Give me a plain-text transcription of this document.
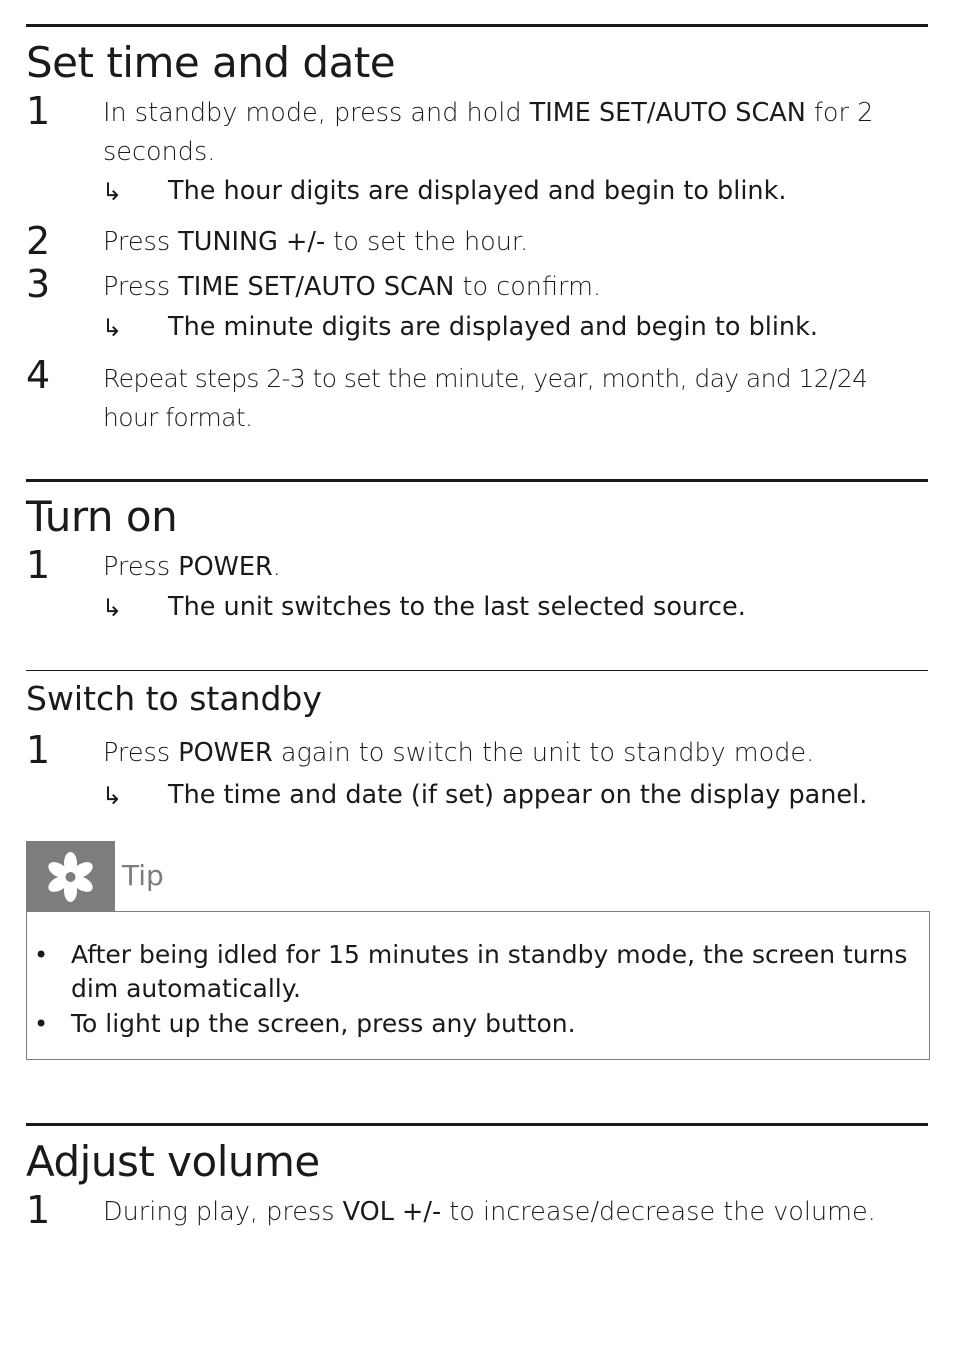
Set time and date
1 In standby mode, press and hold TIME SET/AUTO SCAN for 2 seconds.

↳ The hour digits are displayed and begin to blink.

2 Press TUNING +/- to set the hour.

3 Press TIME SET/AUTO SCAN to confirm.

↳ The minute digits are displayed and begin to blink.

4 Repeat steps 2-3 to set the minute, year, month, day and 12/24 hour format.

Turn on
1 Press POWER.

↳ The unit switches to the last selected source.

Switch to standby
1 Press POWER again to switch the unit to standby mode.

↳ The time and date (if set) appear on the display panel.

Tip
• After being idled for 15 minutes in standby mode, the screen turns dim automatically.

• To light up the screen, press any button.

Adjust volume
1 During play, press VOL +/- to increase/decrease the volume.
